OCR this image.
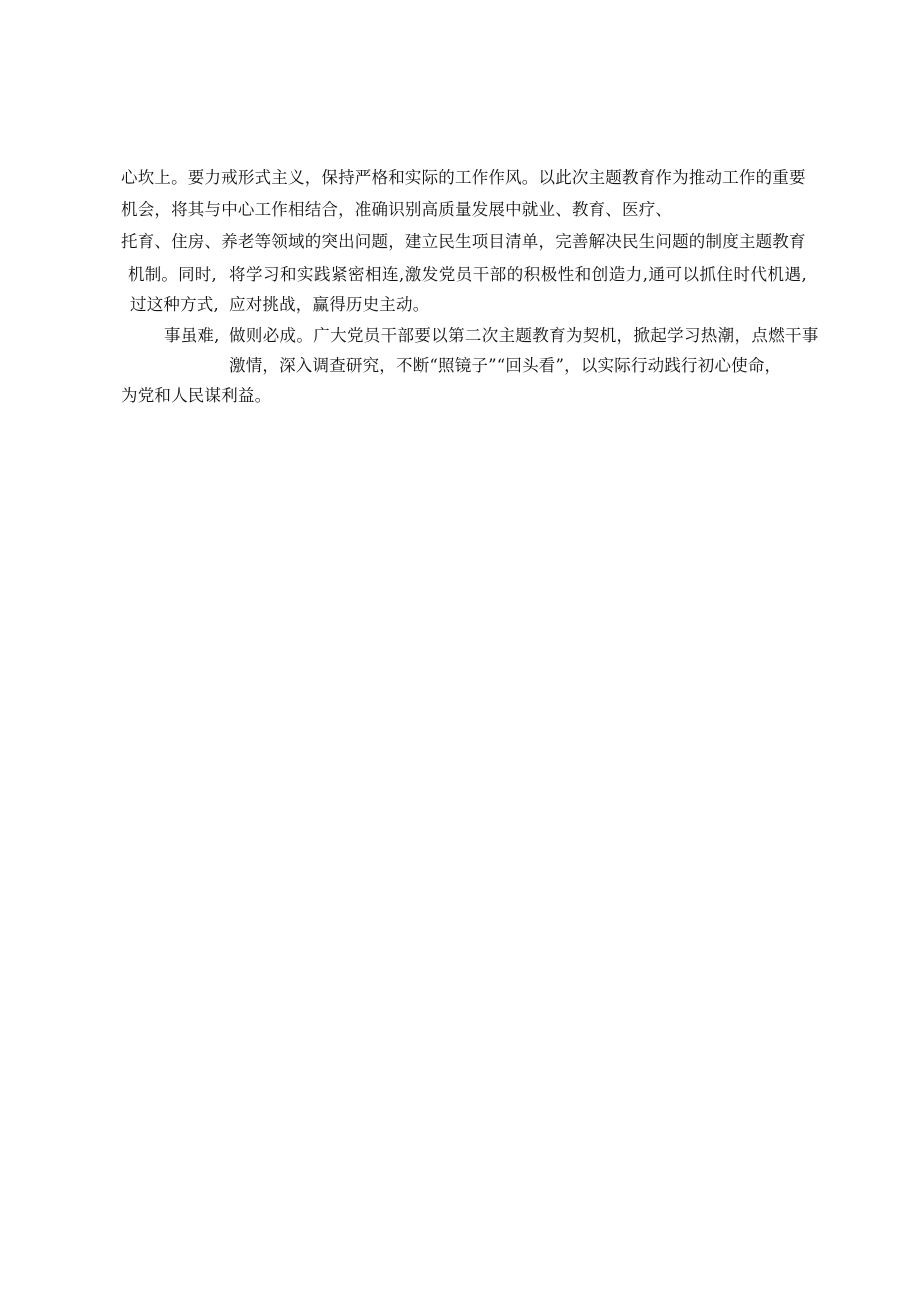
心坎上。要力戒形式主义，保持严格和实际的工作作风。以此次主题教育作为推动工作的重要
机会，将其与中心工作相结合，准确识别高质量发展中就业、教育、医疗、
托育、住房、养老等领域的突出问题，建立民生项目清单，完善解决民生问题的制度主题教育
机制。同时, 将学习和实践紧密相连,激发党员干部的积极性和创造力,通可以抓住时代机遇,
过这种方式, 应对挑战，赢得历史主动。
事虽难, 做则必成。广大党员干部要以第二次主题教育为契机，掀起学习热潮，点燃干事
激情，深入调查研究，不断“照镜子”“回头看”，以实际行动践行初心使命，
为党和人民谋利益。
